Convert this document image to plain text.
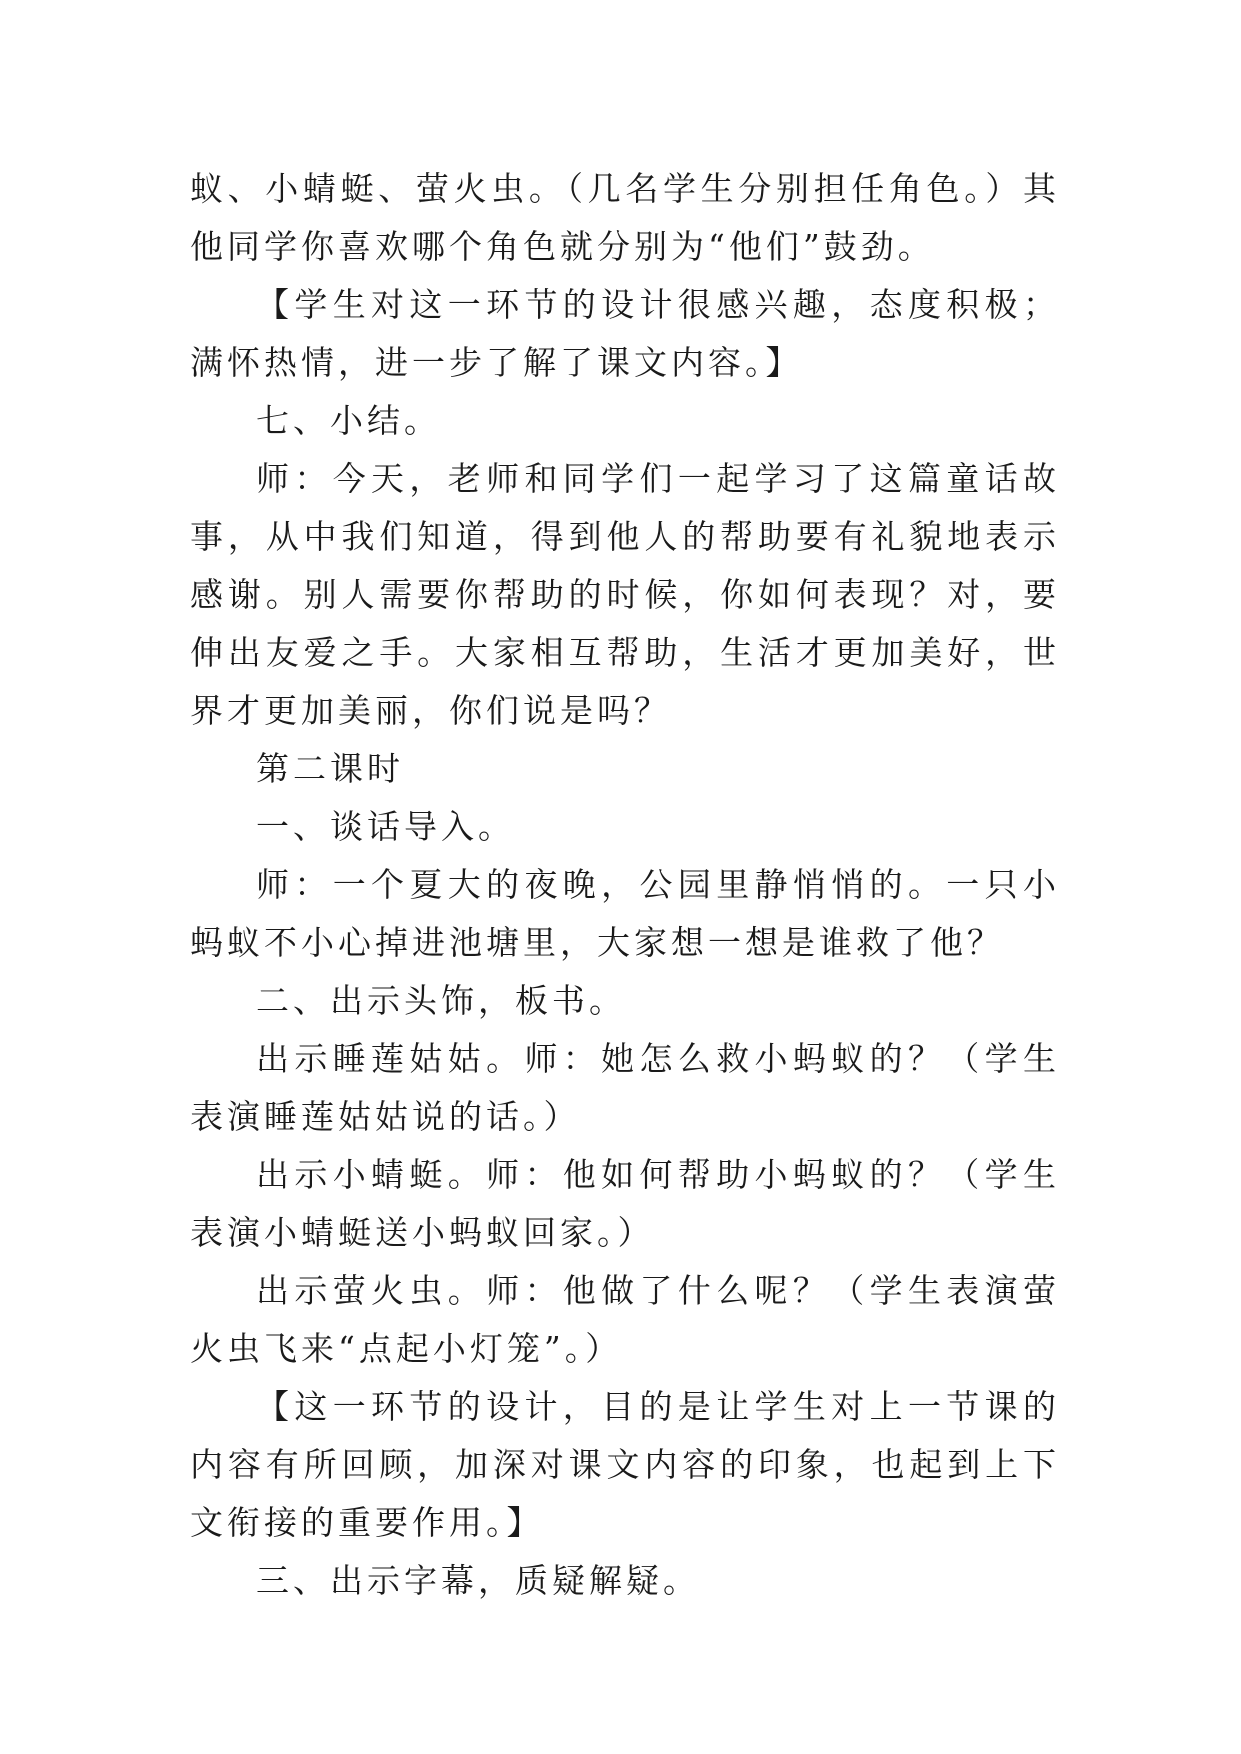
蚁、小蜻蜓、萤火虫。（几名学生分别担任角色。）其他同学你喜欢哪个角色就分别为“他们”鼓劲。

【学生对这一环节的设计很感兴趣，态度积极；满怀热情，进一步了解了课文内容。】

七、小结。

师：今天，老师和同学们一起学习了这篇童话故事，从中我们知道，得到他人的帮助要有礼貌地表示感谢。别人需要你帮助的时候，你如何表现？对，要伸出友爱之手。大家相互帮助，生活才更加美好，世界才更加美丽，你们说是吗？

第二课时

一、谈话导入。

师：一个夏大的夜晚，公园里静悄悄的。一只小蚂蚁不小心掉进池塘里，大家想一想是谁救了他？

二、出示头饰，板书。

出示睡莲姑姑。师：她怎么救小蚂蚁的？（学生表演睡莲姑姑说的话。）

出示小蜻蜓。师：他如何帮助小蚂蚁的？（学生表演小蜻蜓送小蚂蚁回家。）

出示萤火虫。师：他做了什么呢？（学生表演萤火虫飞来“点起小灯笼”。）

【这一环节的设计，目的是让学生对上一节课的内容有所回顾，加深对课文内容的印象，也起到上下文衔接的重要作用。】

三、出示字幕，质疑解疑。
